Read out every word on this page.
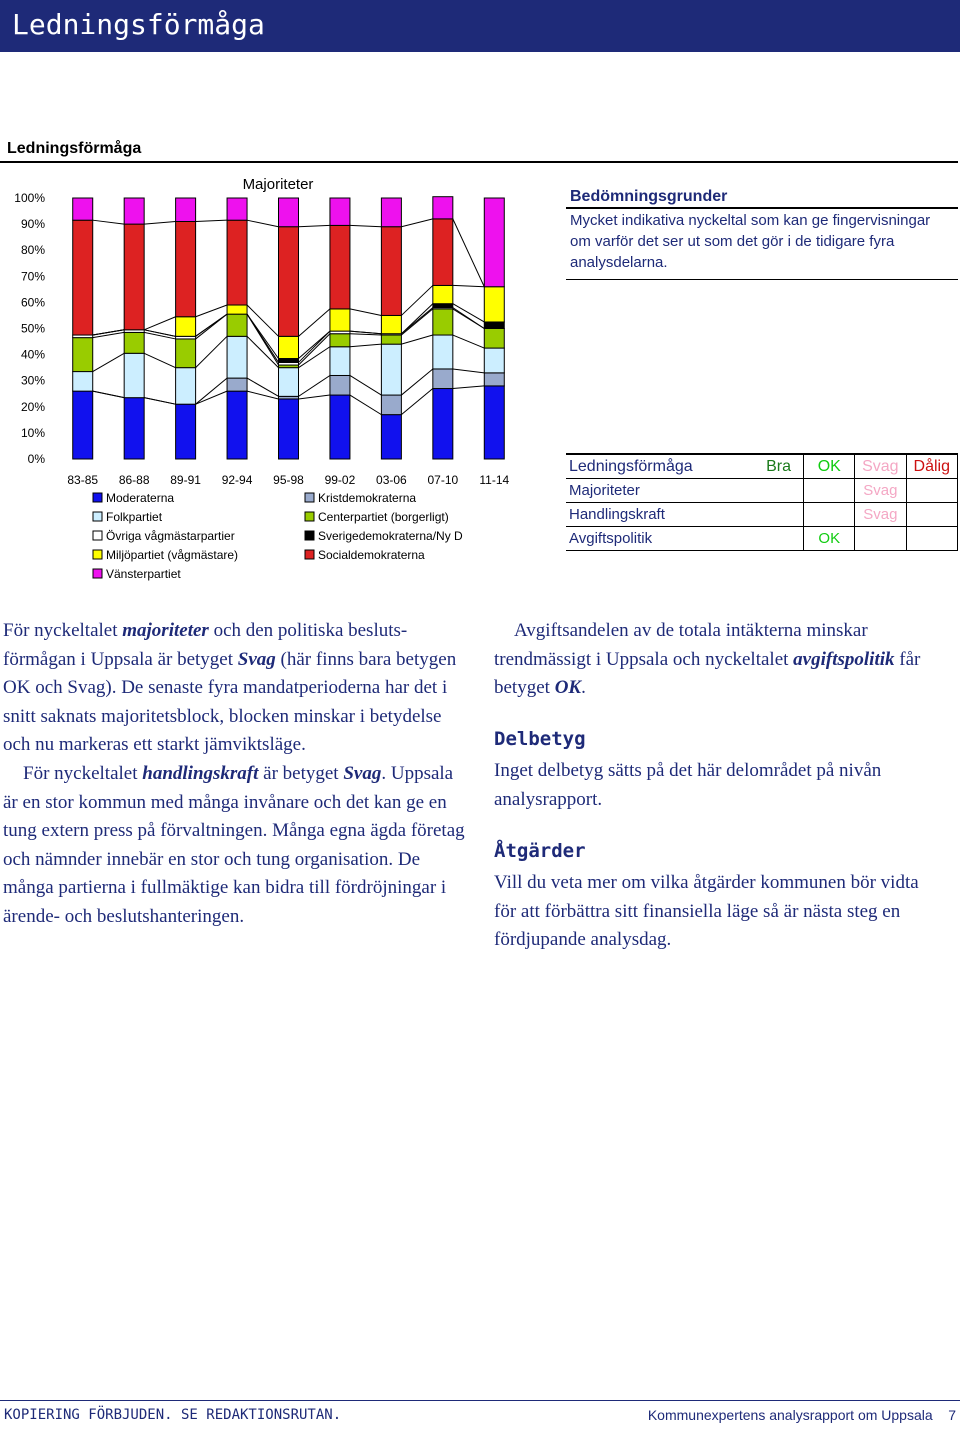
Ledningsförmåga
Ledningsförmåga
Majoriteter
0%
10%
20%
30%
40%
50%
60%
70%
80%
90%
100%
83-85 86-88 89-91 92-94 95-98 99-02 03-06 07-10 11-14
Moderaterna
Folkpartiet
Övriga vågmästarpartier
Miljöpartiet (vågmästare)
Vänsterpartiet
Kristdemokraterna
Centerpartiet (borgerligt)
Sverigedemokraterna/Ny D
Socialdemokraterna
Bedömningsgrunder
Mycket indikativa nyckeltal som kan ge fingervisningar om varför det ser ut som det gör i de tidigare fyra analysdelarna.
Ledningsförmåga	Bra	OK	Svag	Dålig
Majoriteter			Svag	
Handlingskraft			Svag	
Avgiftspolitik		OK		

För nyckeltalet majoriteter och den politiska beslutsförmågan i Uppsala är betyget Svag (här finns bara betygen OK och Svag). De senaste fyra mandatperioderna har det i snitt saknats majoritetsblock, blocken minskar i betydelse och nu markeras ett starkt jämviktsläge.

För nyckeltalet handlingskraft är betyget Svag. Uppsala är en stor kommun med många invånare och det kan ge en tung extern press på förvaltningen. Många egna ägda företag och nämnder innebär en stor och tung organisation. De många partierna i fullmäktige kan bidra till fördröjningar i ärende- och beslutshanteringen.

Avgiftsandelen av de totala intäkterna minskar trendmässigt i Uppsala och nyckeltalet avgiftspolitik får betyget OK.

Delbetyg

Inget delbetyg sätts på det här delområdet på nivån analysrapport.

Åtgärder

Vill du veta mer om vilka åtgärder kommunen bör vidta för att förbättra sitt finansiella läge så är nästa steg en fördjupande analysdag.

KOPIERING FÖRBJUDEN. SE REDAKTIONSRUTAN.	Kommunexpertens analysrapport om Uppsala 7
